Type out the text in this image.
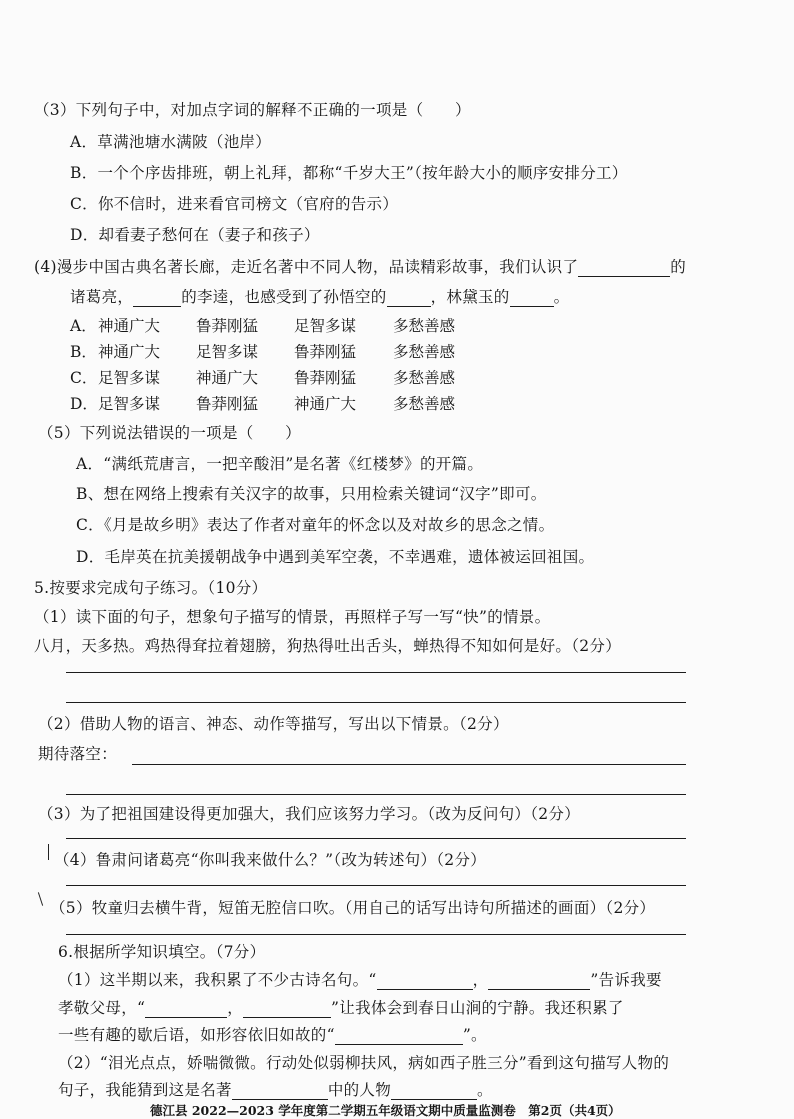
（3）下列句子中，对加点字词的解释不正确的一项是（　　）
A．草满池塘水满陂（池岸）
B．一个个序齿排班，朝上礼拜，都称“千岁大王”（按年龄大小的顺序安排分工）
C．你不信时，进来看官司榜文（官府的告示）
D．却看妻子愁何在（妻子和孩子）
(4)漫步中国古典名著长廊，走近名著中不同人物，品读精彩故事，我们认识了	的
诸葛亮，	的李逵，也感受到了孙悟空的	，林黛玉的	。
A． 神通广大 鲁莽刚猛 足智多谋 多愁善感
B． 神通广大 足智多谋 鲁莽刚猛 多愁善感
C． 足智多谋 神通广大 鲁莽刚猛 多愁善感
D． 足智多谋 鲁莽刚猛 神通广大 多愁善感
（5）下列说法错误的一项是（　　）
A．“满纸荒唐言，一把辛酸泪”是名著《红楼梦》的开篇。
B、想在网络上搜索有关汉字的故事，只用检索关键词“汉字”即可。
C．《月是故乡明》表达了作者对童年的怀念以及对故乡的思念之情。
D．毛岸英在抗美援朝战争中遇到美军空袭，不幸遇难，遗体被运回祖国。
5.按要求完成句子练习。（10分）
（1）读下面的句子，想象句子描写的情景，再照样子写一写“快”的情景。
八月，天多热。鸡热得耷拉着翅膀，狗热得吐出舌头，蝉热得不知如何是好。（2分）
（2）借助人物的语言、神态、动作等描写，写出以下情景。（2分）
期待落空：
（3）为了把祖国建设得更加强大，我们应该努力学习。（改为反问句）（2分）
（4）鲁肃问诸葛亮“你叫我来做什么？”（改为转述句）（2分）
（5）牧童归去横牛背，短笛无腔信口吹。（用自己的话写出诗句所描述的画面）（2分）
6.根据所学知识填空。（7分）
（1）这半期以来，我积累了不少古诗名句。“	，	”告诉我要
孝敬父母，“	，	”让我体会到春日山涧的宁静。我还积累了
一些有趣的歇后语，如形容依旧如故的“	”。
（2）“泪光点点，娇喘微微。行动处似弱柳扶风，病如西子胜三分”看到这句描写人物的
句子，我能猜到这是名著	中的人物	。
德江县 2022—2023 学年度第二学期五年级语文期中质量监测卷　第2页（共4页）
